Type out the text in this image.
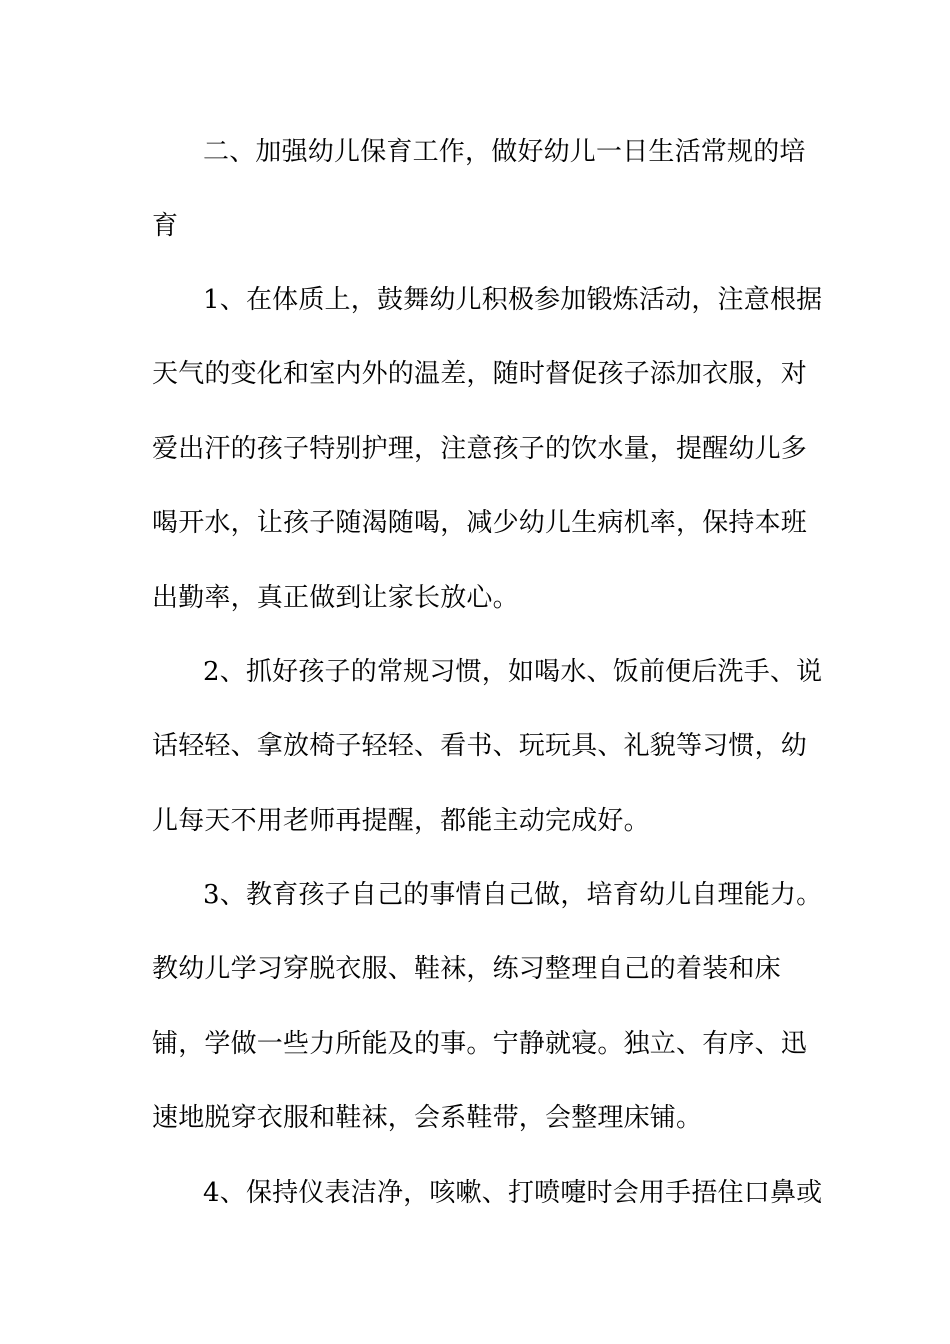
二、加强幼儿保育工作，做好幼儿一日生活常规的培
育
1、在体质上，鼓舞幼儿积极参加锻炼活动，注意根据
天气的变化和室内外的温差，随时督促孩子添加衣服，对
爱出汗的孩子特别护理，注意孩子的饮水量，提醒幼儿多
喝开水，让孩子随渴随喝，减少幼儿生病机率，保持本班
出勤率，真正做到让家长放心。
2、抓好孩子的常规习惯，如喝水、饭前便后洗手、说
话轻轻、拿放椅子轻轻、看书、玩玩具、礼貌等习惯，幼
儿每天不用老师再提醒，都能主动完成好。
3、教育孩子自己的事情自己做，培育幼儿自理能力。
教幼儿学习穿脱衣服、鞋袜，练习整理自己的着装和床
铺，学做一些力所能及的事。宁静就寝。独立、有序、迅
速地脱穿衣服和鞋袜，会系鞋带，会整理床铺。
4、保持仪表洁净，咳嗽、打喷嚏时会用手捂住口鼻或
